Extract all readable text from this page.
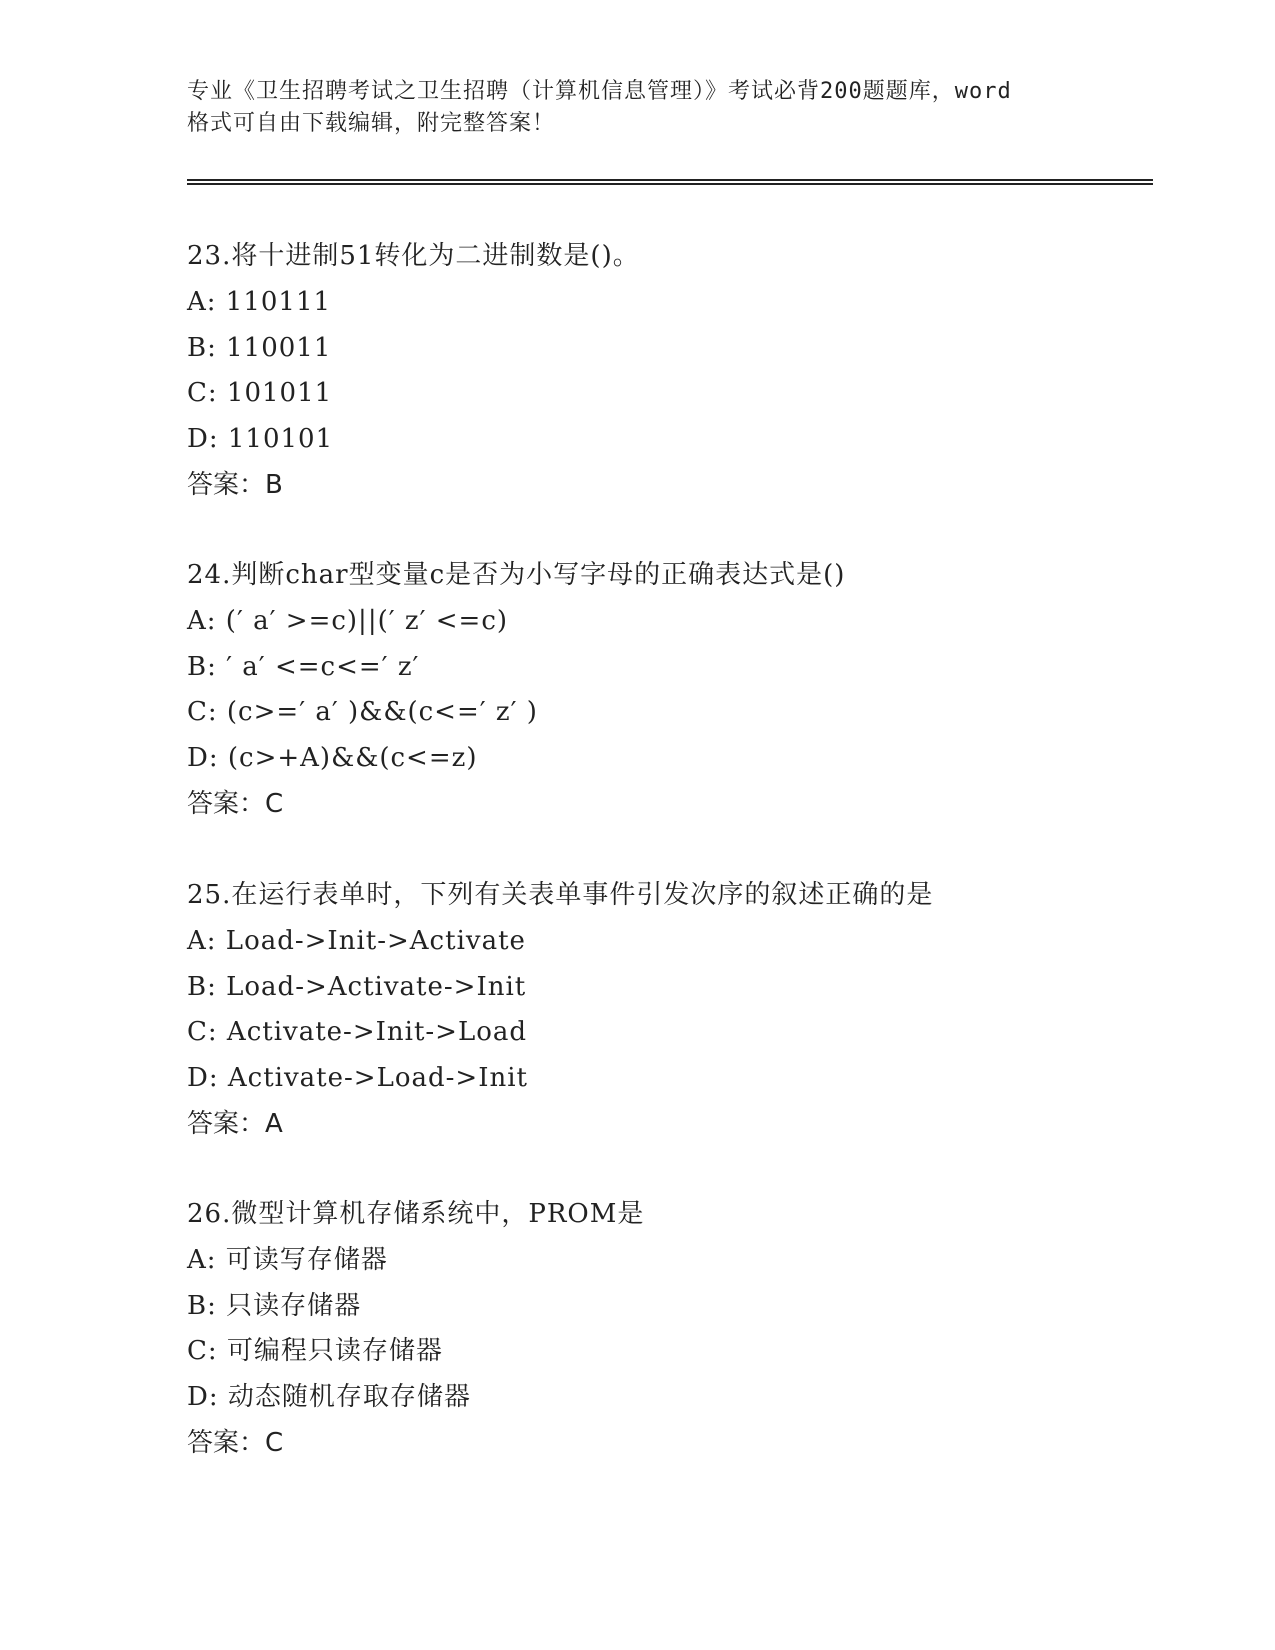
专业《卫生招聘考试之卫生招聘（计算机信息管理）》考试必背200题题库，word
格式可自由下载编辑，附完整答案！
23.将十进制51转化为二进制数是()。
A: 110111
B: 110011
C: 101011
D: 110101
答案：B
24.判断char型变量c是否为小写字母的正确表达式是()
A: (′ a′ >=c)||(′ z′ <=c)
B: ′ a′ <=c<=′ z′
C: (c>=′ a′ )&&(c<=′ z′ )
D: (c>+A)&&(c<=z)
答案：C
25.在运行表单时，下列有关表单事件引发次序的叙述正确的是
A: Load->Init->Activate
B: Load->Activate->Init
C: Activate->Init->Load
D: Activate->Load->Init
答案：A
26.微型计算机存储系统中，PROM是
A: 可读写存储器
B: 只读存储器
C: 可编程只读存储器
D: 动态随机存取存储器
答案：C
